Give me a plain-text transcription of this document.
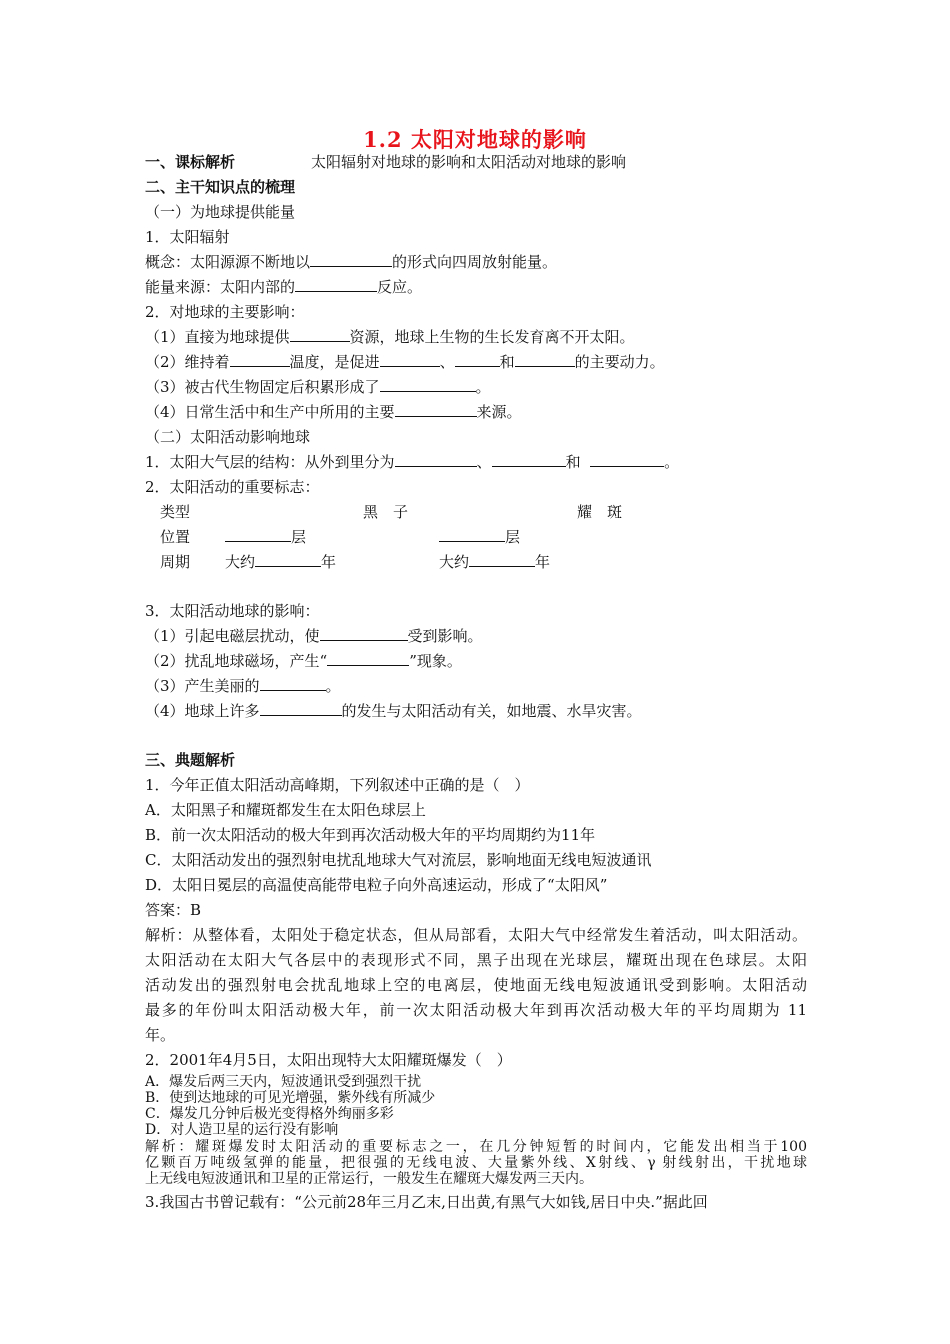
1.2 太阳对地球的影响
一、课标解析	太阳辐射对地球的影响和太阳活动对地球的影响
二、主干知识点的梳理
（一）为地球提供能量
1．太阳辐射
概念：太阳源源不断地以	的形式向四周放射能量。
能量来源：太阳内部的	反应。
2．对地球的主要影响：
（1）直接为地球提供	资源，地球上生物的生长发育离不开太阳。
（2）维持着	温度，是促进	、	和	的主要动力。
（3）被古代生物固定后积累形成了	。
（4）日常生活中和生产中所用的主要	来源。
（二）太阳活动影响地球
1．太阳大气层的结构：从外到里分为	、	和	。
2．太阳活动的重要标志：
类型	黑　子	耀　斑
位置	层	层
周期 大约	年	大约	年
3．太阳活动地球的影响：
（1）引起电磁层扰动，使	受到影响。
（2）扰乱地球磁场，产生“	”现象。
（3）产生美丽的	。
（4）地球上许多	的发生与太阳活动有关，如地震、水旱灾害。
三、典题解析
1．今年正值太阳活动高峰期，下列叙述中正确的是（　）
A．太阳黑子和耀斑都发生在太阳色球层上
B．前一次太阳活动的极大年到再次活动极大年的平均周期约为11年
C．太阳活动发出的强烈射电扰乱地球大气对流层，影响地面无线电短波通讯
D．太阳日冕层的高温使高能带电粒子向外高速运动，形成了“太阳风”
答案：B
解析：从整体看，太阳处于稳定状态，但从局部看，太阳大气中经常发生着活动，叫太阳活动。
太阳活动在太阳大气各层中的表现形式不同，黑子出现在光球层，耀斑出现在色球层。太阳
活动发出的强烈射电会扰乱地球上空的电离层，使地面无线电短波通讯受到影响。太阳活动
最多的年份叫太阳活动极大年，前一次太阳活动极大年到再次活动极大年的平均周期为 11
年。
2．2001年4月5日，太阳出现特大太阳耀斑爆发（　）
A．爆发后两三天内，短波通讯受到强烈干扰
B．使到达地球的可见光增强，紫外线有所减少
C．爆发几分钟后极光变得格外绚丽多彩
D．对人造卫星的运行没有影响
解析：耀斑爆发时太阳活动的重要标志之一，在几分钟短暂的时间内，它能发出相当于100
亿颗百万吨级氢弹的能量，把很强的无线电波、大量紫外线、X射线、γ 射线射出，干扰地球
上无线电短波通讯和卫星的正常运行，一般发生在耀斑大爆发两三天内。
3.我国古书曾记载有：“公元前28年三月乙末,日出黄,有黑气大如钱,居日中央.”据此回
